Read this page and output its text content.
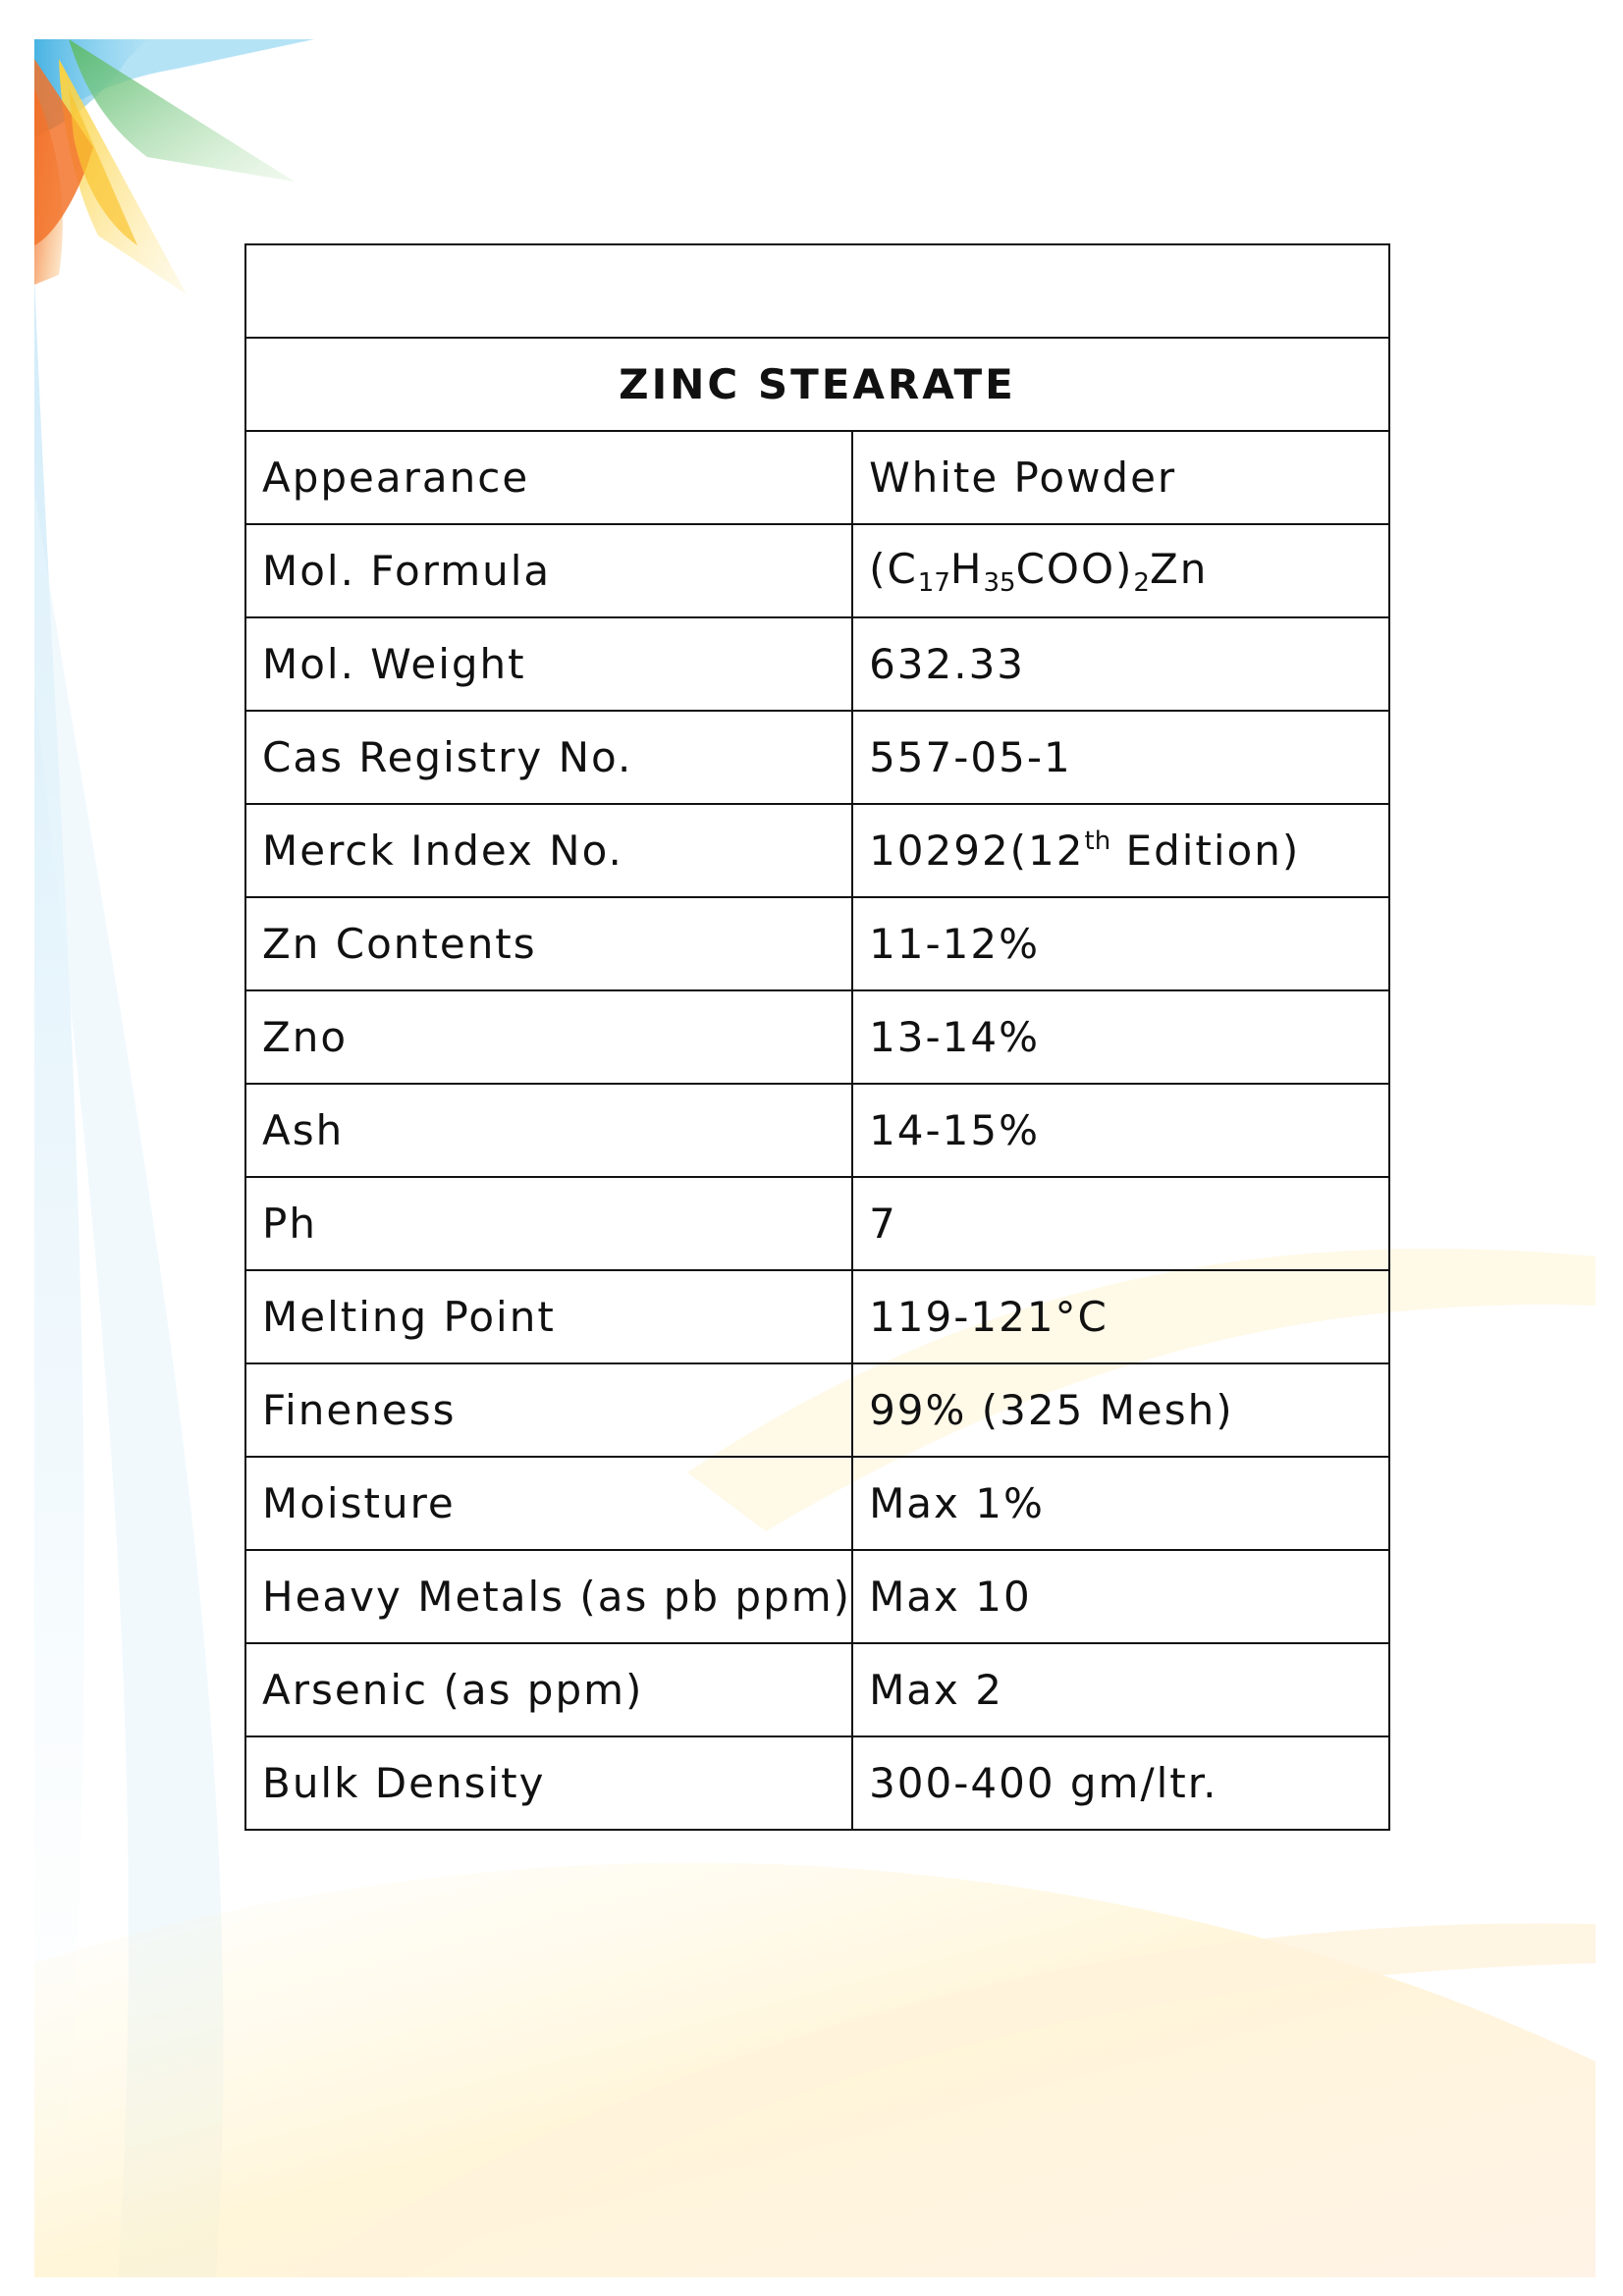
ZINC STEARATE	
Appearance	White Powder
Mol. Formula	$(C_{17}H_{35}COO)_2Zn$
Mol. Weight	632.33
Cas Registry No.	557-05-1
Merck Index No.	10292(12th Edition)
Zn Contents	11-12%
Zno	13-14%
Ash	14-15%
Ph	7
Melting Point	119-121°C
Fineness	99% (325 Mesh)
Moisture	Max 1%
Heavy Metals (as pb ppm)	Max 10
Arsenic (as ppm)	Max 2
Bulk Density	300-400 gm/ltr.
